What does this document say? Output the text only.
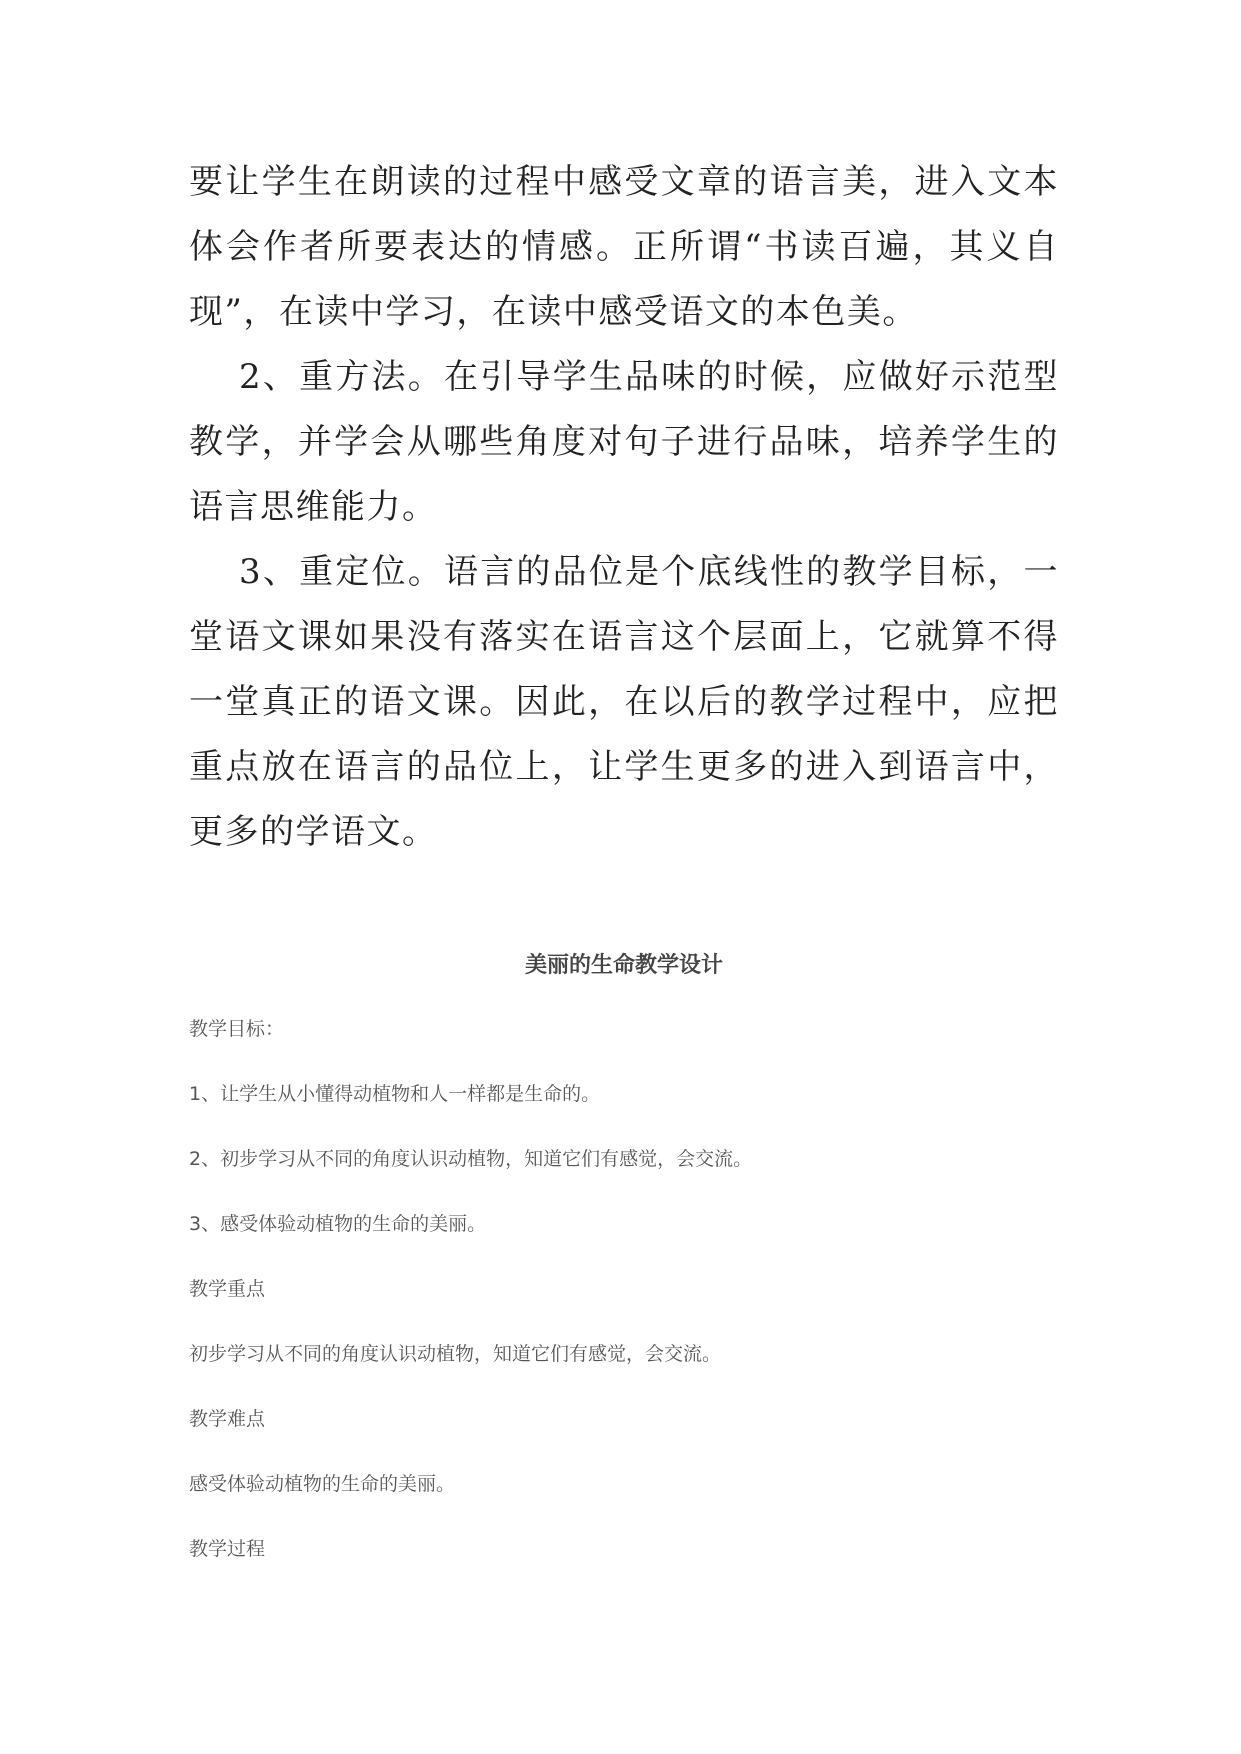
要让学生在朗读的过程中感受文章的语言美，进入文本体会作者所要表达的情感。正所谓“书读百遍，其义自现”，在读中学习，在读中感受语文的本色美。

2、重方法。在引导学生品味的时候，应做好示范型教学，并学会从哪些角度对句子进行品味，培养学生的语言思维能力。

3、重定位。语言的品位是个底线性的教学目标，一堂语文课如果没有落实在语言这个层面上，它就算不得一堂真正的语文课。因此，在以后的教学过程中，应把重点放在语言的品位上，让学生更多的进入到语言中，更多的学语文。

美丽的生命教学设计
教学目标：
1、让学生从小懂得动植物和人一样都是生命的。
2、初步学习从不同的角度认识动植物，知道它们有感觉，会交流。
3、感受体验动植物的生命的美丽。
教学重点
初步学习从不同的角度认识动植物，知道它们有感觉，会交流。
教学难点
感受体验动植物的生命的美丽。
教学过程
